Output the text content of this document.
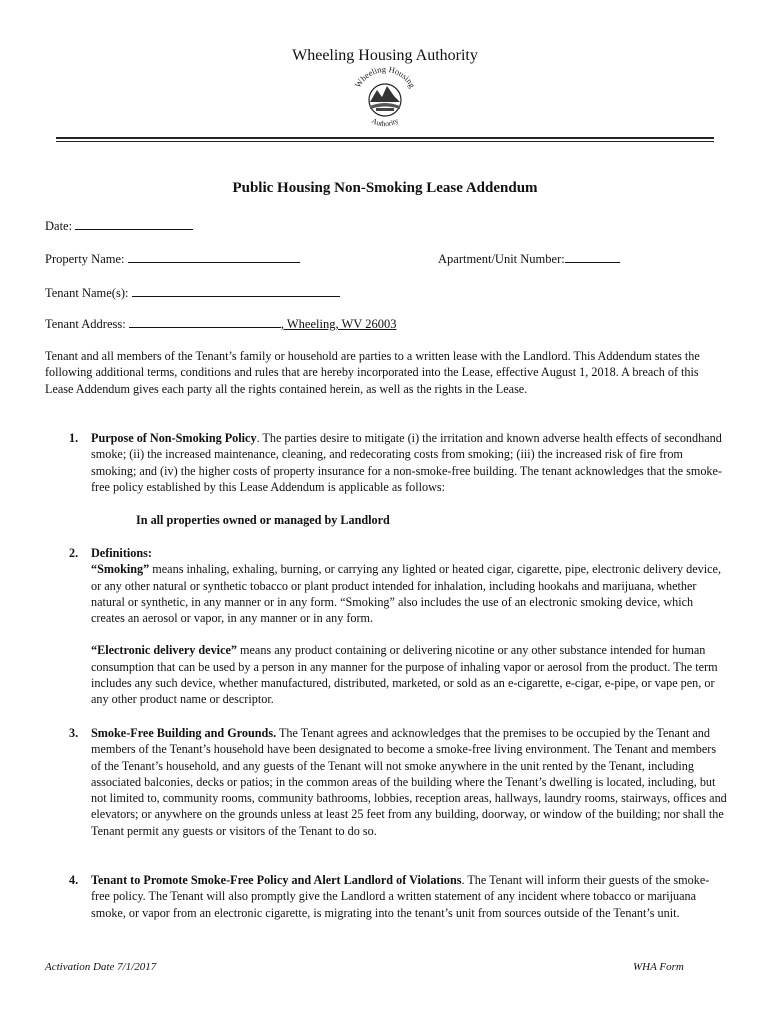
Wheeling Housing Authority
Wheeling Housing
Authority
Public Housing Non-Smoking Lease Addendum
Date:
Property Name:	Apartment/Unit Number:
Tenant Name(s):
Tenant Address:	, Wheeling, WV 26003
Tenant and all members of the Tenant’s family or household are parties to a written lease with the Landlord. This Addendum states the following additional terms, conditions and rules that are hereby incorporated into the Lease, effective August 1, 2018. A breach of this Lease Addendum gives each party all the rights contained herein, as well as the rights in the Lease.
1. Purpose of Non-Smoking Policy. The parties desire to mitigate (i) the irritation and known adverse health effects of secondhand smoke; (ii) the increased maintenance, cleaning, and redecorating costs from smoking; (iii) the increased risk of fire from smoking; and (iv) the higher costs of property insurance for a non-smoke-free building. The tenant acknowledges that the smoke-free policy established by this Lease Addendum is applicable as follows:
In all properties owned or managed by Landlord
2. Definitions:
“Smoking” means inhaling, exhaling, burning, or carrying any lighted or heated cigar, cigarette, pipe, electronic delivery device, or any other natural or synthetic tobacco or plant product intended for inhalation, including hookahs and marijuana, whether natural or synthetic, in any manner or in any form. “Smoking” also includes the use of an electronic smoking device, which creates an aerosol or vapor, in any manner or in any form.
“Electronic delivery device” means any product containing or delivering nicotine or any other substance intended for human consumption that can be used by a person in any manner for the purpose of inhaling vapor or aerosol from the product. The term includes any such device, whether manufactured, distributed, marketed, or sold as an e-cigarette, e-cigar, e-pipe, or vape pen, or any other product name or descriptor.
3. Smoke-Free Building and Grounds. The Tenant agrees and acknowledges that the premises to be occupied by the Tenant and members of the Tenant’s household have been designated to become a smoke-free living environment. The Tenant and members of the Tenant’s household, and any guests of the Tenant will not smoke anywhere in the unit rented by the Tenant, including associated balconies, decks or patios; in the common areas of the building where the Tenant’s dwelling is located, including, but not limited to, community rooms, community bathrooms, lobbies, reception areas, hallways, laundry rooms, stairways, offices and elevators; or anywhere on the grounds unless at least 25 feet from any building, doorway, or window of the building; nor shall the Tenant permit any guests or visitors of the Tenant to do so.
4. Tenant to Promote Smoke-Free Policy and Alert Landlord of Violations. The Tenant will inform their guests of the smoke-free policy. The Tenant will also promptly give the Landlord a written statement of any incident where tobacco or marijuana smoke, or vapor from an electronic cigarette, is migrating into the tenant’s unit from sources outside of the Tenant’s unit.
Activation Date 7/1/2017	WHA Form
